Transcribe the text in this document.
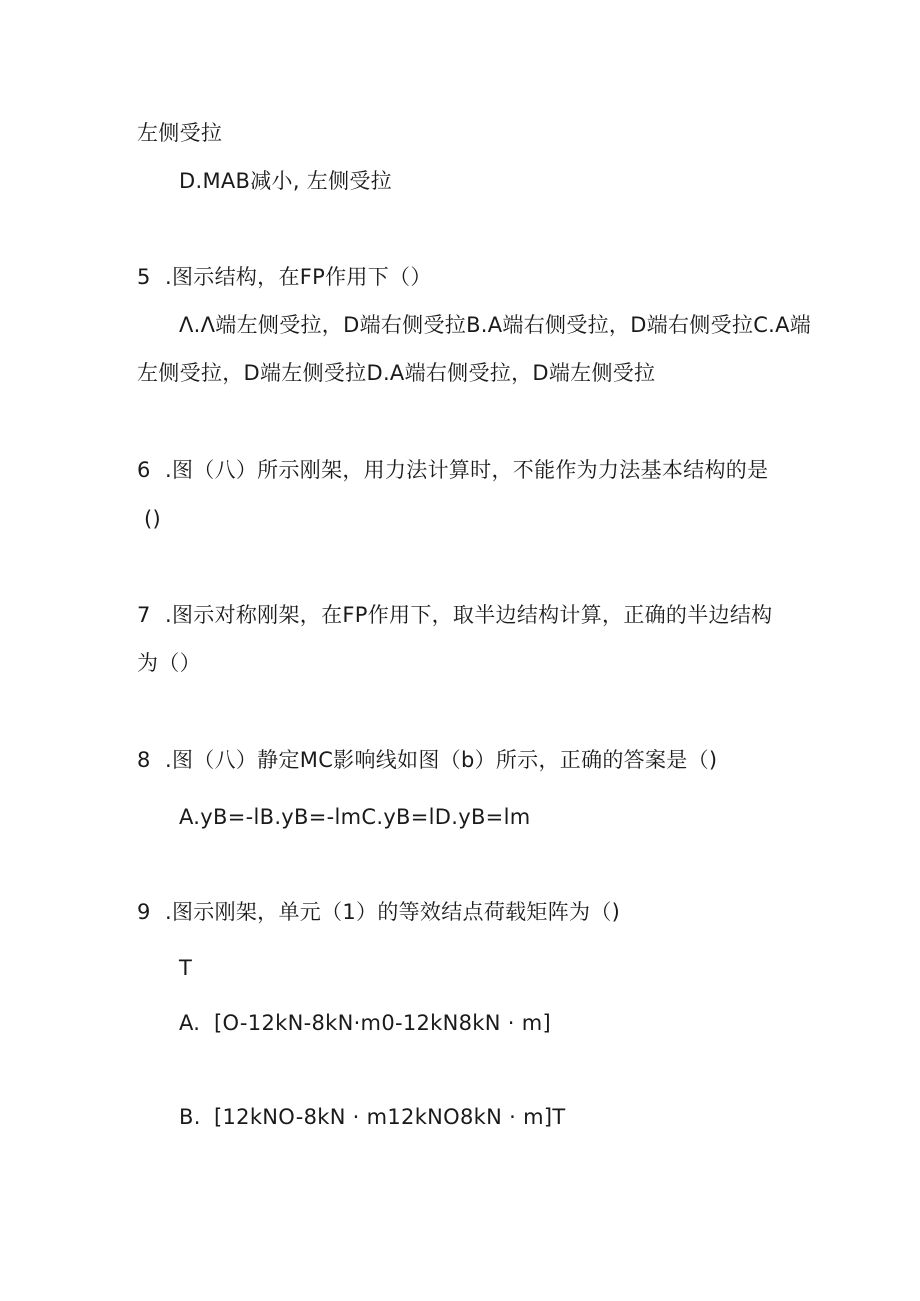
左侧受拉
D.MAB减小, 左侧受拉
5 .图示结构，在FP作用下（）
Λ.Λ端左侧受拉，D端右侧受拉B.A端右侧受拉，D端右侧受拉C.A端
左侧受拉，D端左侧受拉D.A端右侧受拉，D端左侧受拉
6 .图（八）所示刚架，用力法计算时，不能作为力法基本结构的是
()
7 .图示对称刚架，在FP作用下，取半边结构计算，正确的半边结构
为（）
8 .图（八）静定MC影响线如图（b）所示，正确的答案是（)
A.yB=-lB.yB=-lmC.yB=lD.yB=lm
9 .图示刚架，单元（1）的等效结点荷载矩阵为（)
T
A. [O-12kN-8kN·m0-12kN8kN · m]
B. [12kNO-8kN · m12kNO8kN · m]T
